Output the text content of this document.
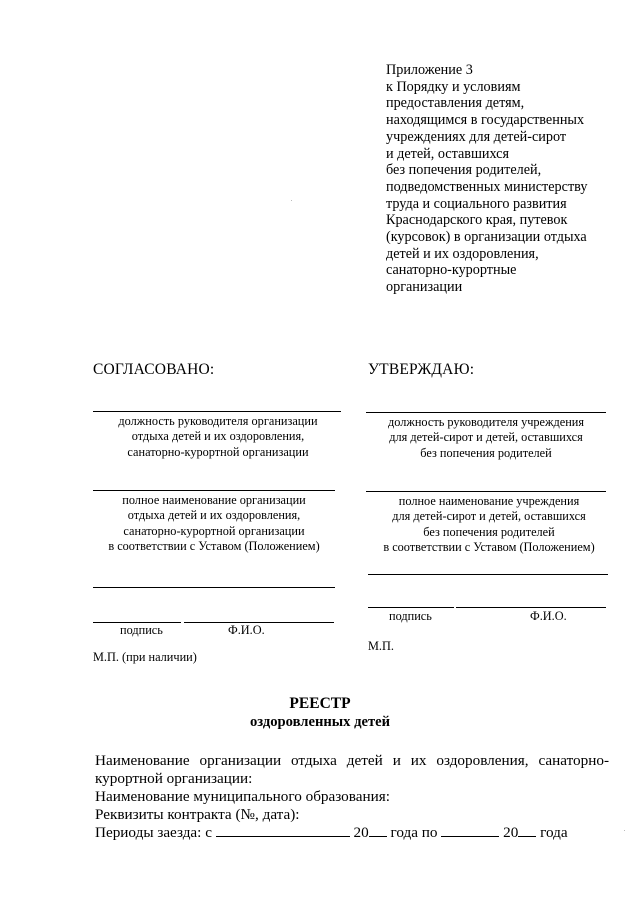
Приложение 3
к Порядку и условиям
предоставления детям,
находящимся в государственных
учреждениях для детей-сирот
и детей, оставшихся
без попечения родителей,
подведомственных министерству
труда и социального развития
Краснодарского края, путевок
(курсовок) в организации отдыха
детей и их оздоровления,
санаторно-курортные
организации
СОГЛАСОВАНО:
должность руководителя организации
отдыха детей и их оздоровления,
санаторно-курортной организации
полное наименование организации
отдыха детей и их оздоровления,
санаторно-курортной организации
в соответствии с Уставом (Положением)
подпись	Ф.И.О.
М.П. (при наличии)
УТВЕРЖДАЮ:
должность руководителя учреждения
для детей-сирот и детей, оставшихся
без попечения родителей
полное наименование учреждения
для детей-сирот и детей, оставшихся
без попечения родителей
в соответствии с Уставом (Положением)
подпись	Ф.И.О.
М.П.
РЕЕСТР
оздоровленных детей
Наименование организации отдыха детей и их оздоровления, санаторно-
курортной организации:
Наименование муниципального образования:
Реквизиты контракта (№, дата):
Периоды заезда: с	20 года по	20 года
